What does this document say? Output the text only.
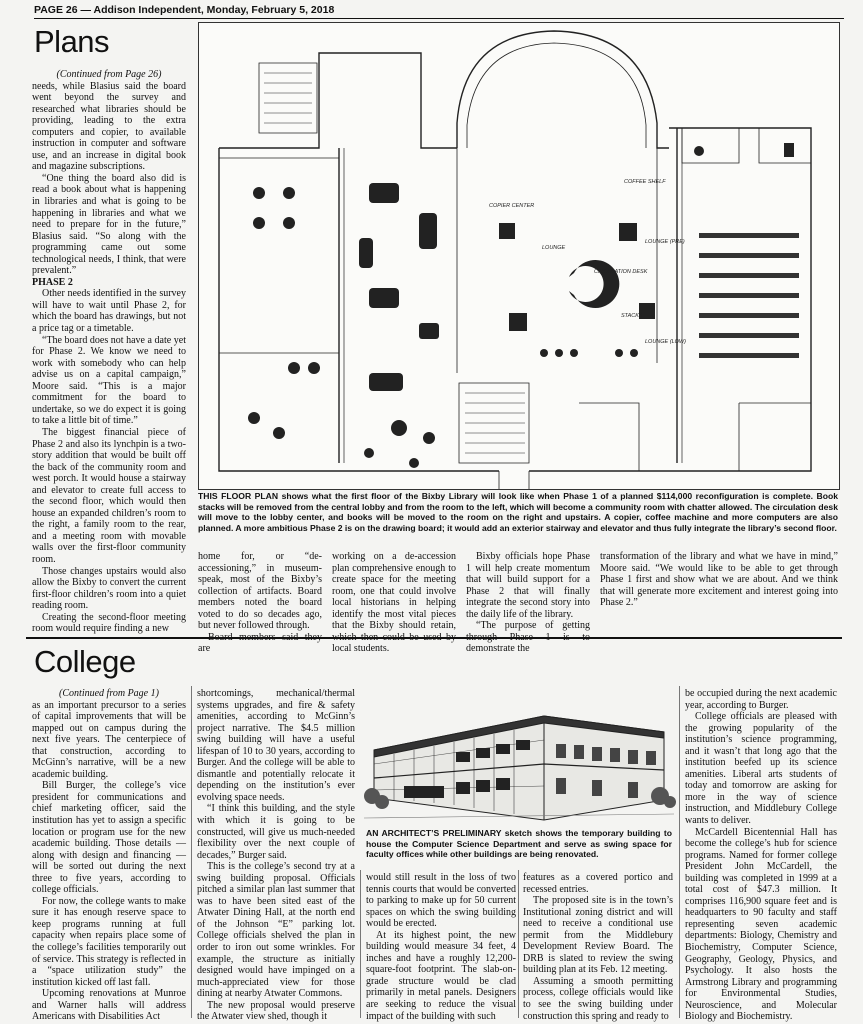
PAGE 26 — Addison Independent, Monday, February 5, 2018
Plans

(Continued from Page 26)

needs, while Blasius said the board went beyond the survey and researched what libraries should be providing, leading to the extra computers and copier, to available instruction in computer and software use, and an increase in digital book and magazine subscriptions.

“One thing the board also did is read a book about what is happening in libraries and what is going to be happening in libraries and what we need to prepare for in the future,” Blasius said. “So along with the programming came out some technological needs, I think, that were prevalent.”

PHASE 2

Other needs identified in the survey will have to wait until Phase 2, for which the board has drawings, but not a price tag or a timetable.

“The board does not have a date yet for Phase 2. We know we need to work with somebody who can help advise us on a capital campaign,” Moore said. “This is a major commitment for the board to undertake, so we do expect it is going to take a little bit of time.”

The biggest financial piece of Phase 2 and also its lynchpin is a two-story addition that would be built off the back of the community room and west porch. It would house a stairway and elevator to create full access to the second floor, which would then house an expanded children’s room to the right, a family room to the rear, and a meeting room with movable walls over the first-floor community room.

Those changes upstairs would also allow the Bixby to convert the current first-floor children’s room into a quiet reading room.

Creating the second-floor meeting room would require finding a new

COPIER CENTER
COFFEE SHELF
CIRCULATION DESK
LOUNGE
LOUNGE (PRE)
LOUNGE (LOW)
STACKS
THIS FLOOR PLAN shows what the first floor of the Bixby Library will look like when Phase 1 of a planned $114,000 reconfiguration is complete. Book stacks will be removed from the central lobby and from the room to the left, which will become a community room with chatter allowed. The circulation desk will move to the lobby center, and books will be moved to the room on the right and upstairs. A copier, coffee machine and more computers are also planned. A more ambitious Phase 2 is on the drawing board; it would add an exterior stairway and elevator and thus fully integrate the library’s second floor.

home for, or “de-accessioning,” in museum-speak, most of the Bixby’s collection of artifacts. Board members noted the board voted to do so decades ago, but never followed through.

are

working on a de-accession plan comprehensive enough to create space for the meeting room, one that could involve local historians in helping identify the most vital pieces that the Bixby should retain, local students.

Bixby officials hope Phase 1 will help create momentum that will build support for a Phase 2 that will finally integrate the second story into the daily life of the library.

“The purpose of getting demonstrate the

transformation of the library and what we have in mind,” Moore said. “We would like to be able to get through Phase 1 first and show what we are about. And we think that will generate more excitement and interest going into Phase 2.”

College

(Continued from Page 1)

as an important precursor to a series of capital improvements that will be mapped out on campus during the next five years. The centerpiece of that construction, according to McGinn’s narrative, will be a new academic building.

Bill Burger, the college’s vice president for communications and chief marketing officer, said the institution has yet to assign a specific location or program use for the new academic building. Those details — along with design and financing — will be sorted out during the next three to five years, according to college officials.

For now, the college wants to make sure it has enough reserve space to keep programs running at full capacity when repairs place some of the college’s facilities temporarily out of service. This strategy is reflected in a “space utilization study” the institution kicked off last fall.

Upcoming renovations at Munroe and Warner halls will address Americans with Disabilities Act

shortcomings, mechanical/thermal systems upgrades, and fire & safety amenities, according to McGinn’s project narrative. The $4.5 million swing building will have a useful lifespan of 10 to 30 years, according to Burger. And the college will be able to dismantle and potentially relocate it depending on the institution’s ever evolving space needs.

“I think this building, and the style with which it is going to be constructed, will give us much-needed flexibility over the next couple of decades,” Burger said.

This is the college’s second try at a swing building proposal. Officials pitched a similar plan last summer that was to have been sited east of the Atwater Dining Hall, at the north end of the Johnson “E” parking lot. College officials shelved the plan in order to iron out some wrinkles. For example, the structure as initially designed would have impinged on a much-appreciated view for those dining at nearby Atwater Commons.

The new proposal would preserve the Atwater view shed, though it

AN ARCHITECT’S PRELIMINARY sketch shows the temporary building to house the Computer Science Department and serve as swing space for faculty offices while other buildings are being renovated.

would still result in the loss of two tennis courts that would be converted to parking to make up for 50 current spaces on which the swing building would be erected.

At its highest point, the new building would measure 34 feet, 4 inches and have a roughly 12,200-square-foot footprint. The slab-on-grade structure would be clad primarily in metal panels. Designers are seeking to reduce the visual impact of the building with such

features as a covered portico and recessed entries.

The proposed site is in the town’s Institutional zoning district and will need to receive a conditional use permit from the Middlebury Development Review Board. The DRB is slated to review the swing building plan at its Feb. 12 meeting.

Assuming a smooth permitting process, college officials would like to see the swing building under construction this spring and ready to

be occupied during the next academic year, according to Burger.

College officials are pleased with the growing popularity of the institution’s science programming, and it wasn’t that long ago that the institution beefed up its science amenities. Liberal arts students of today and tomorrow are asking for more in the way of science instruction, and Middlebury College wants to deliver.

McCardell Bicentennial Hall has become the college’s hub for science programs. Named for former college President John McCardell, the building was completed in 1999 at a total cost of $47.3 million. It comprises 116,900 square feet and is headquarters to 90 faculty and staff representing seven academic departments: Biology, Chemistry and Biochemistry, Computer Science, Geography, Geology, Physics, and Psychology. It also hosts the Armstrong Library and programming for Environmental Studies, Neuroscience, and Molecular Biology and Biochemistry.
